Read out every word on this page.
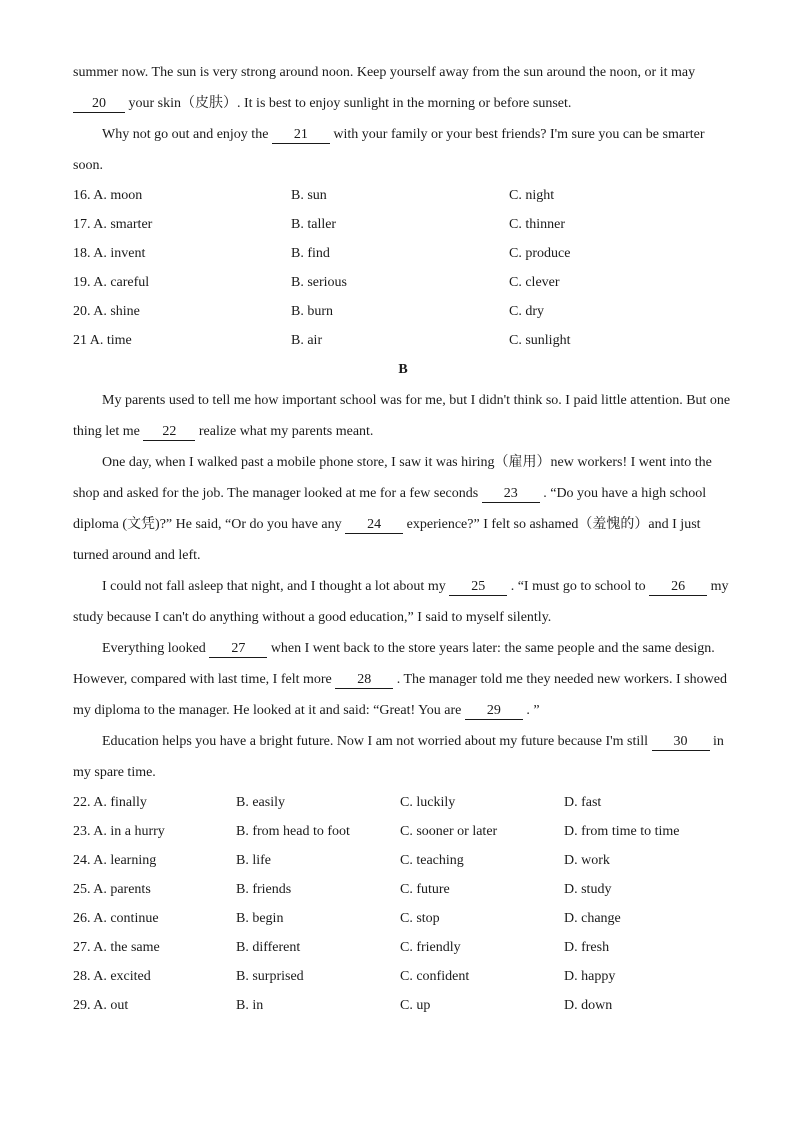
summer now. The sun is very strong around noon. Keep yourself away from the sun around the noon, or it may
20 your skin（皮肤）. It is best to enjoy sunlight in the morning or before sunset.

Why not go out and enjoy the 21 with your family or your best friends? I'm sure you can be smarter soon.

16. A. moon	B. sun	C. night
17. A. smarter	B. taller	C. thinner
18. A. invent	B. find	C. produce
19. A. careful	B. serious	C. clever
20. A. shine	B. burn	C. dry
21 A. time	B. air	C. sunlight

B

My parents used to tell me how important school was for me, but I didn't think so. I paid little attention. But one thing let me 22 realize what my parents meant.

One day, when I walked past a mobile phone store, I saw it was hiring（雇用）new workers! I went into the shop and asked for the job. The manager looked at me for a few seconds 23 . “Do you have a high school diploma (文凭)?” He said, “Or do you have any 24 experience?” I felt so ashamed（羞愧的）and I just turned around and left.

I could not fall asleep that night, and I thought a lot about my 25 . “I must go to school to 26 my study because I can't do anything without a good education,” I said to myself silently.

Everything looked 27 when I went back to the store years later: the same people and the same design. However, compared with last time, I felt more 28 . The manager told me they needed new workers. I showed my diploma to the manager. He looked at it and said: “Great! You are 29 . ”

Education helps you have a bright future. Now I am not worried about my future because I'm still 30 in my spare time.

22. A. finally	B. easily	C. luckily	D. fast
23. A. in a hurry	B. from head to foot	C. sooner or later	D. from time to time
24. A. learning	B. life	C. teaching	D. work
25. A. parents	B. friends	C. future	D. study
26. A. continue	B. begin	C. stop	D. change
27. A. the same	B. different	C. friendly	D. fresh
28. A. excited	B. surprised	C. confident	D. happy
29. A. out	B. in	C. up	D. down
